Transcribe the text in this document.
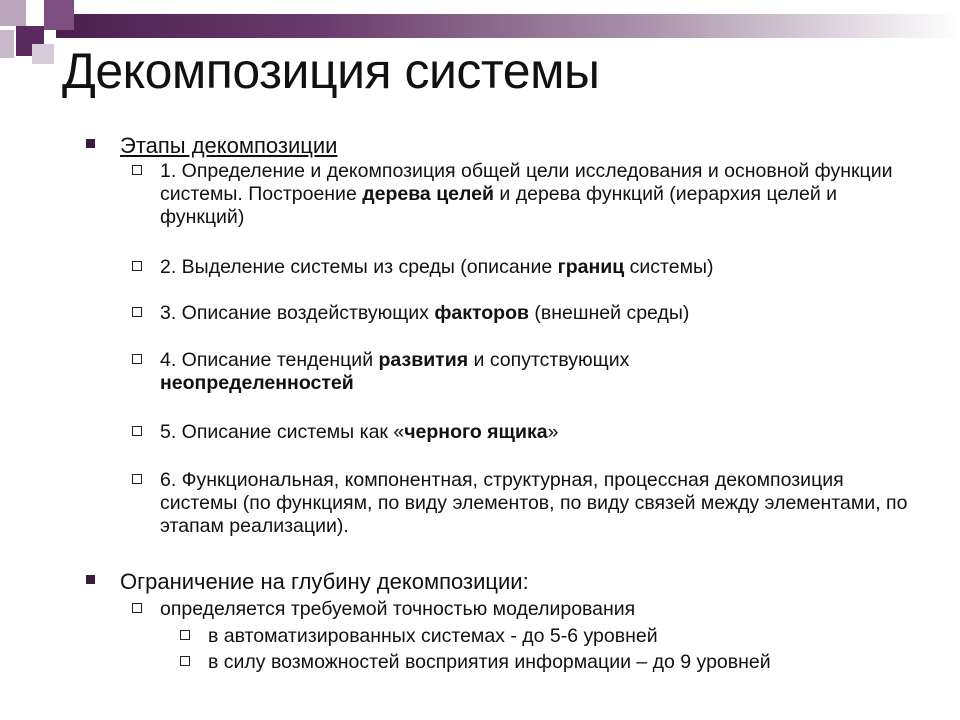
Декомпозиция системы
Этапы декомпозиции
1. Определение и декомпозиция общей цели исследования и основной функции системы. Построение дерева целей и дерева функций (иерархия целей и функций)
2. Выделение системы из среды (описание границ системы)
3. Описание воздействующих факторов (внешней среды)
4. Описание тенденций развития и сопутствующих неопределенностей
5. Описание системы как «черного ящика»
6. Функциональная, компонентная, структурная, процессная декомпозиция системы (по функциям, по виду элементов, по виду связей между элементами, по этапам реализации).
Ограничение на глубину декомпозиции:
определяется требуемой точностью моделирования
в автоматизированных системах - до 5-6 уровней
в силу возможностей восприятия информации – до 9 уровней
